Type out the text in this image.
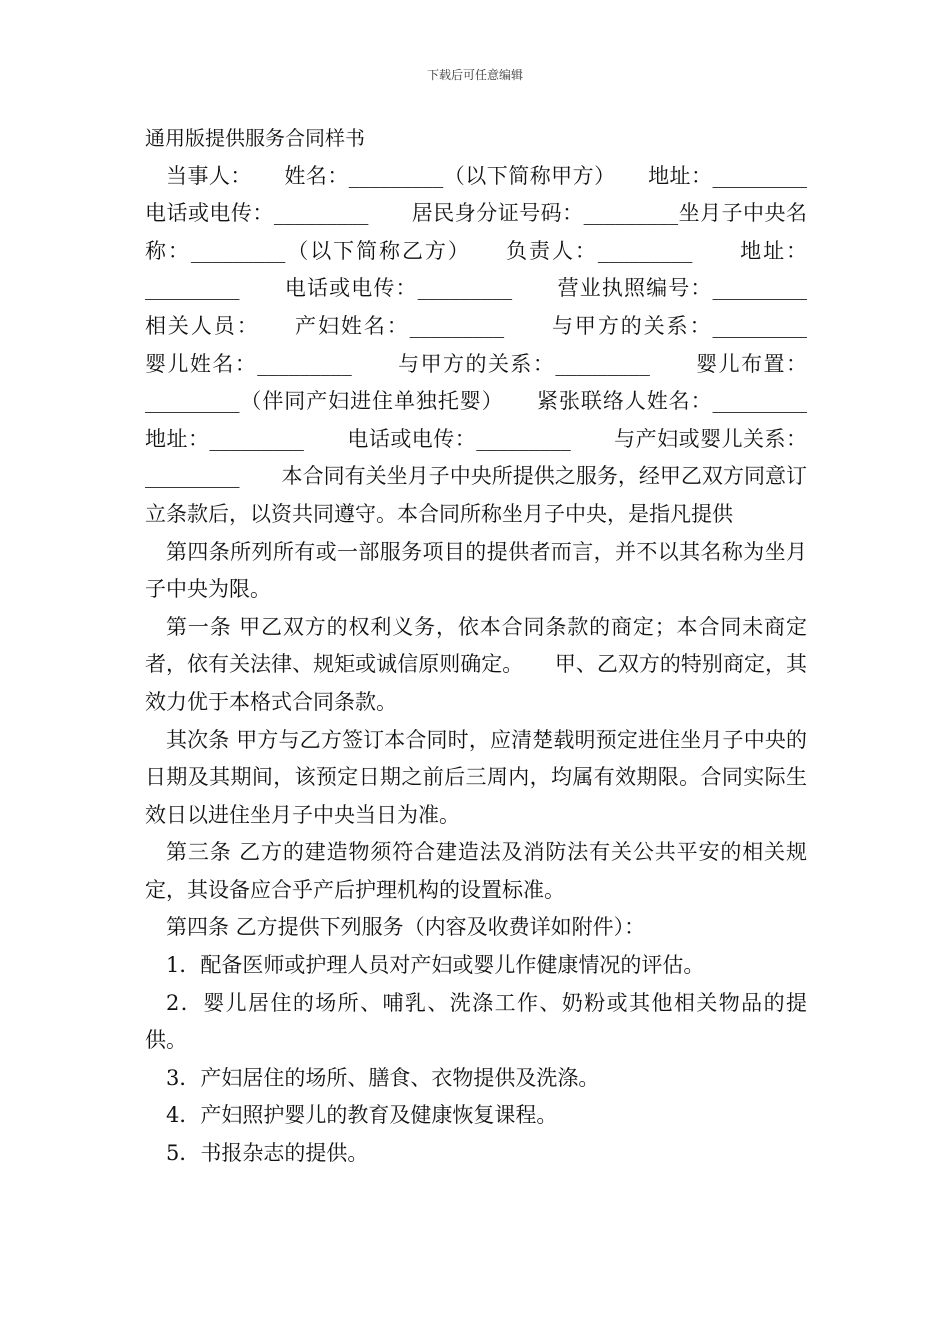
下载后可任意编辑

通用版提供服务合同样书

当事人：　　姓名：_________（以下简称甲方）　　地址：_________　　电话或电传：_________　　居民身分证号码：_________坐月子中央名称：_________（以下简称乙方）　　负责人：_________　　地址：_________　　电话或电传：_________　　营业执照编号：_________　　相关人员：　　产妇姓名：_________　　与甲方的关系：_________　　婴儿姓名：_________　　与甲方的关系：_________　　婴儿布置：_________（伴同产妇进住单独托婴）　　紧张联络人姓名：_________　　地址：_________　　电话或电传：_________　　与产妇或婴儿关系：_________　　本合同有关坐月子中央所提供之服务，经甲乙双方同意订立条款后，以资共同遵守。本合同所称坐月子中央，是指凡提供

第四条所列所有或一部服务项目的提供者而言，并不以其名称为坐月子中央为限。

第一条 甲乙双方的权利义务，依本合同条款的商定；本合同未商定者，依有关法律、规矩或诚信原则确定。　　甲、乙双方的特别商定，其效力优于本格式合同条款。

其次条 甲方与乙方签订本合同时，应清楚载明预定进住坐月子中央的日期及其期间，该预定日期之前后三周内，均属有效期限。合同实际生效日以进住坐月子中央当日为准。

第三条 乙方的建造物须符合建造法及消防法有关公共平安的相关规定，其设备应合乎产后护理机构的设置标准。

第四条 乙方提供下列服务（内容及收费详如附件）：

1．配备医师或护理人员对产妇或婴儿作健康情况的评估。

2．婴儿居住的场所、哺乳、洗涤工作、奶粉或其他相关物品的提供。

3．产妇居住的场所、膳食、衣物提供及洗涤。

4．产妇照护婴儿的教育及健康恢复课程。

5．书报杂志的提供。
